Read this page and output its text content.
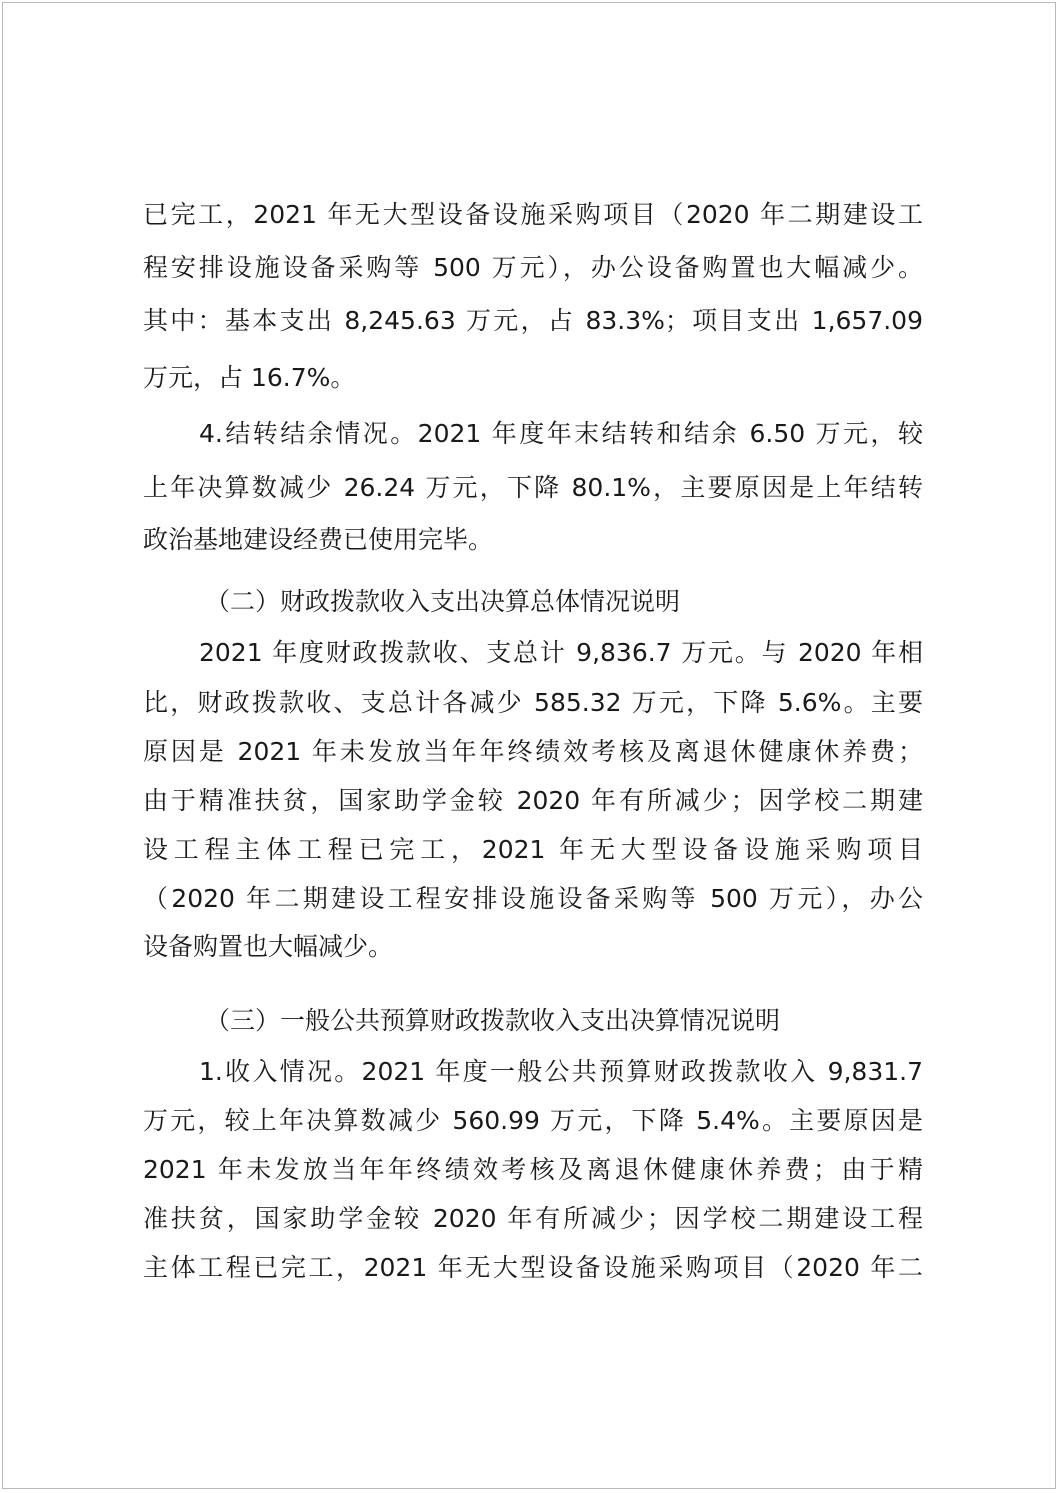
已完工，2021 年无大型设备设施采购项目（2020 年二期建设工
程安排设施设备采购等 500 万元），办公设备购置也大幅减少。
其中：基本支出 8,245.63 万元，占 83.3%；项目支出 1,657.09
万元，占 16.7%。
4.结转结余情况。2021 年度年末结转和结余 6.50 万元，较
上年决算数减少 26.24 万元，下降 80.1%，主要原因是上年结转
政治基地建设经费已使用完毕。
（二）财政拨款收入支出决算总体情况说明
2021 年度财政拨款收、支总计 9,836.7 万元。与 2020 年相
比，财政拨款收、支总计各减少 585.32 万元，下降 5.6%。主要
原因是 2021 年未发放当年年终绩效考核及离退休健康休养费；
由于精准扶贫，国家助学金较 2020 年有所减少；因学校二期建
设工程主体工程已完工，2021 年无大型设备设施采购项目
（2020 年二期建设工程安排设施设备采购等 500 万元），办公
设备购置也大幅减少。
（三）一般公共预算财政拨款收入支出决算情况说明
1.收入情况。2021 年度一般公共预算财政拨款收入 9,831.7
万元，较上年决算数减少 560.99 万元，下降 5.4%。主要原因是
2021 年未发放当年年终绩效考核及离退休健康休养费；由于精
准扶贫，国家助学金较 2020 年有所减少；因学校二期建设工程
主体工程已完工，2021 年无大型设备设施采购项目（2020 年二
